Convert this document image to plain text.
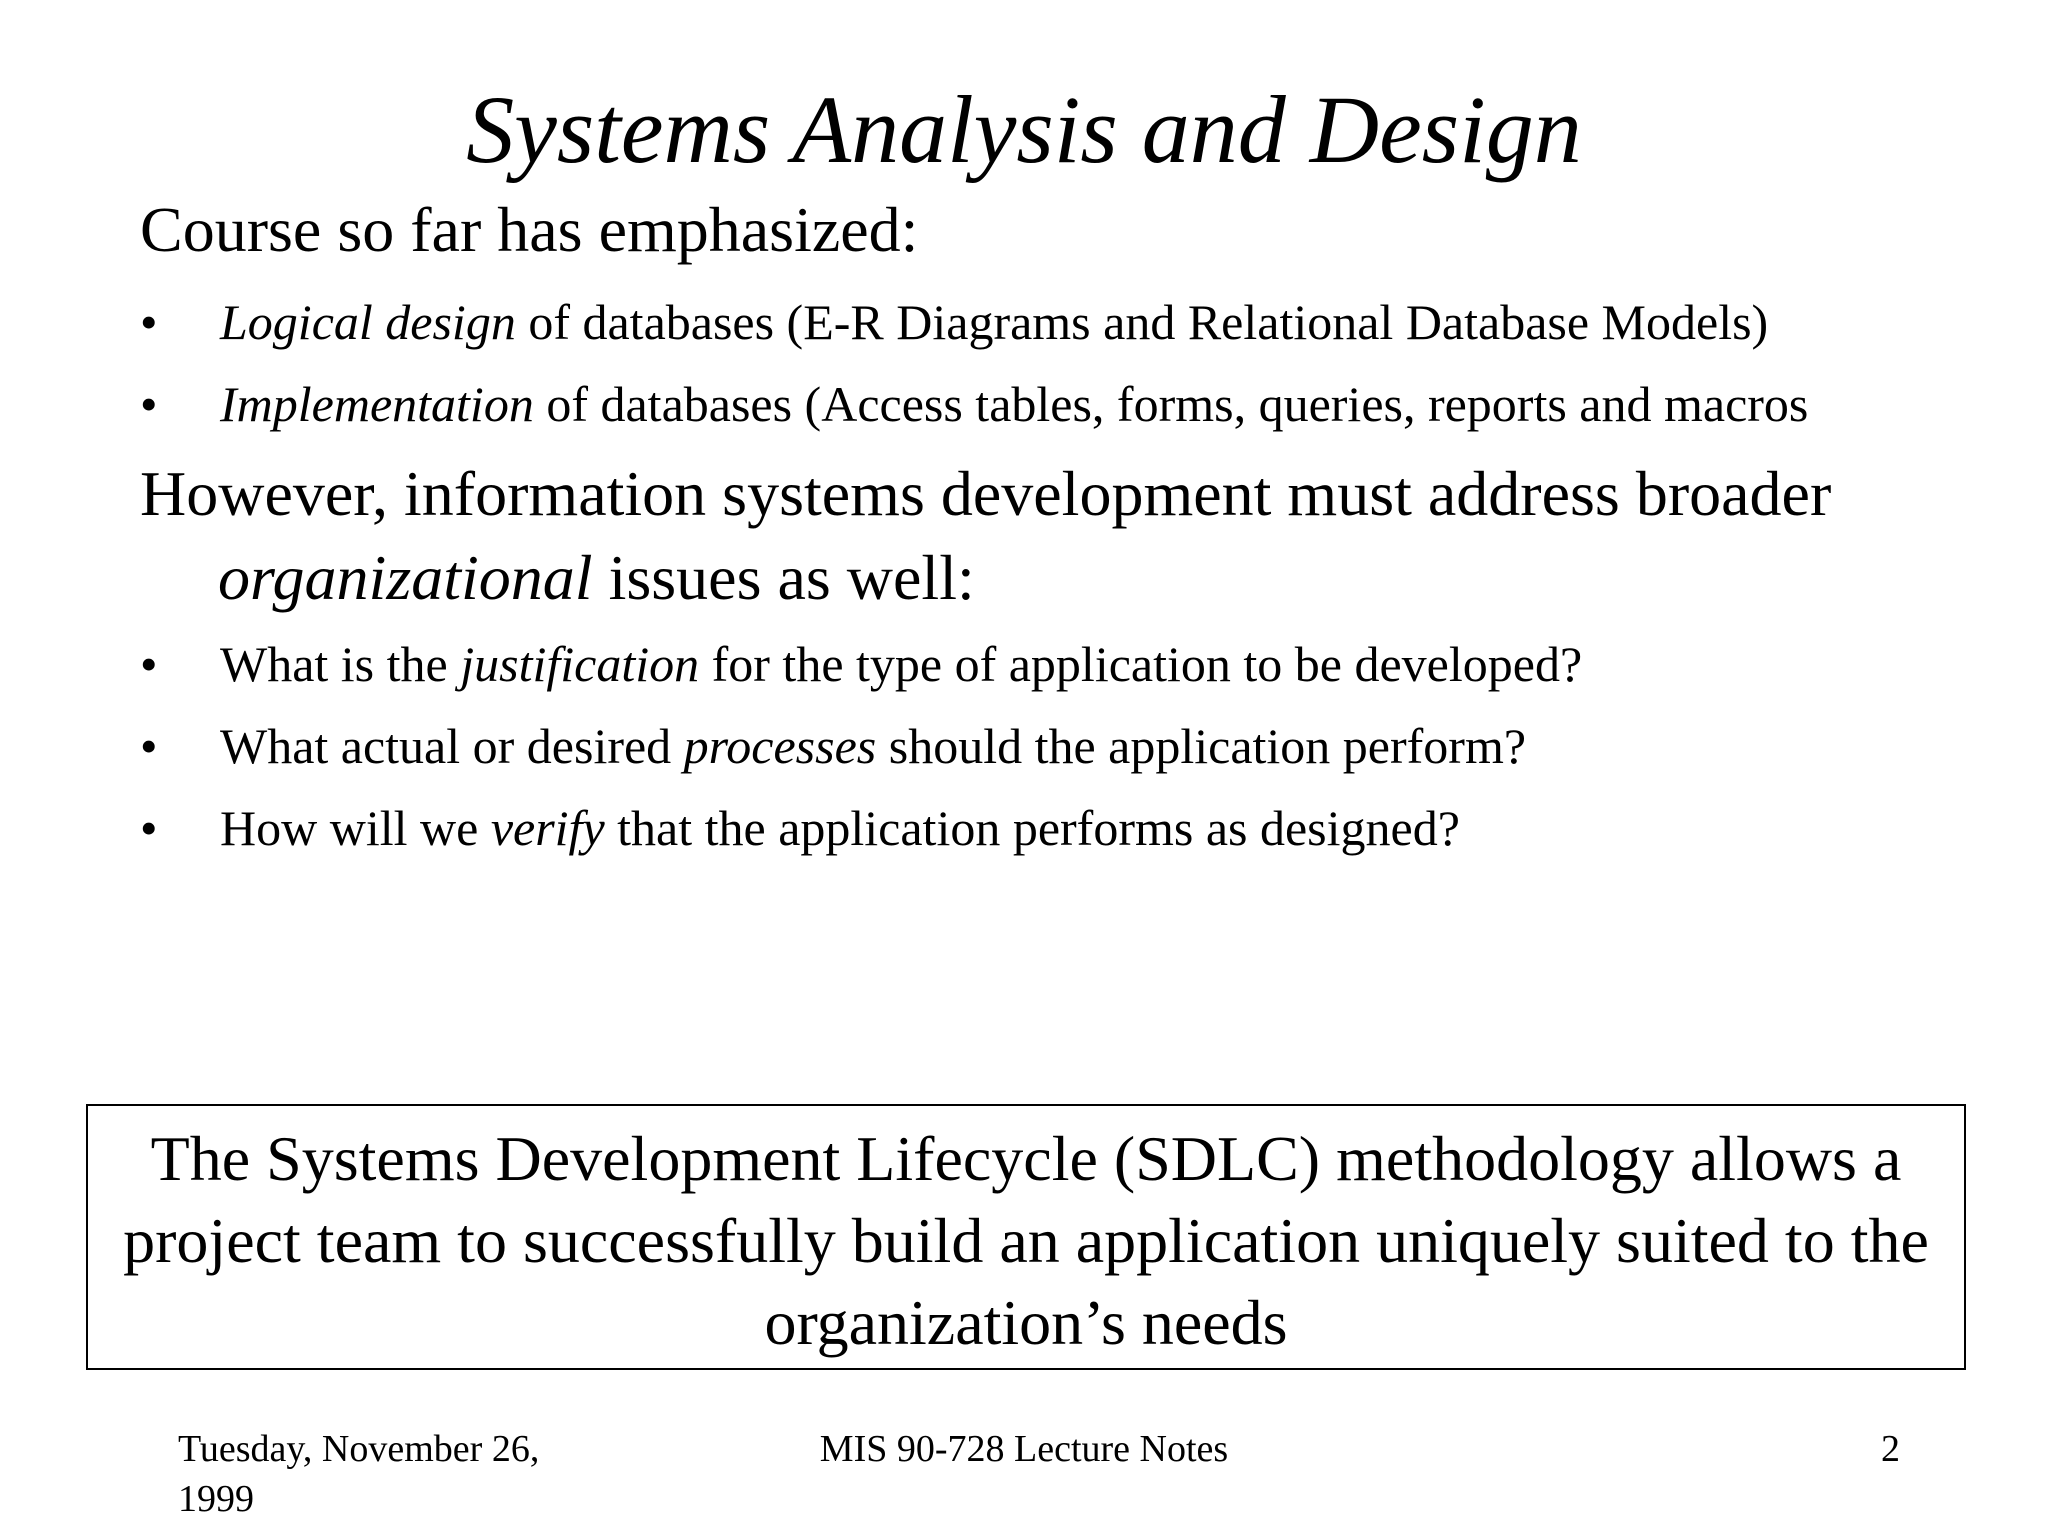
Systems Analysis and Design

Course so far has emphasized:

•	Logical design of databases (E-R Diagrams and Relational Database Models)
•	Implementation of databases (Access tables, forms, queries, reports and macros

However, information systems development must address broader organizational issues as well:

•	What is the justification for the type of application to be developed?
•	What actual or desired processes should the application perform?
•	How will we verify that the application performs as designed?
The Systems Development Lifecycle (SDLC) methodology allows a project team to successfully build an application uniquely suited to the organization’s needs
Tuesday, November 26, 1999
MIS 90-728 Lecture Notes	2
